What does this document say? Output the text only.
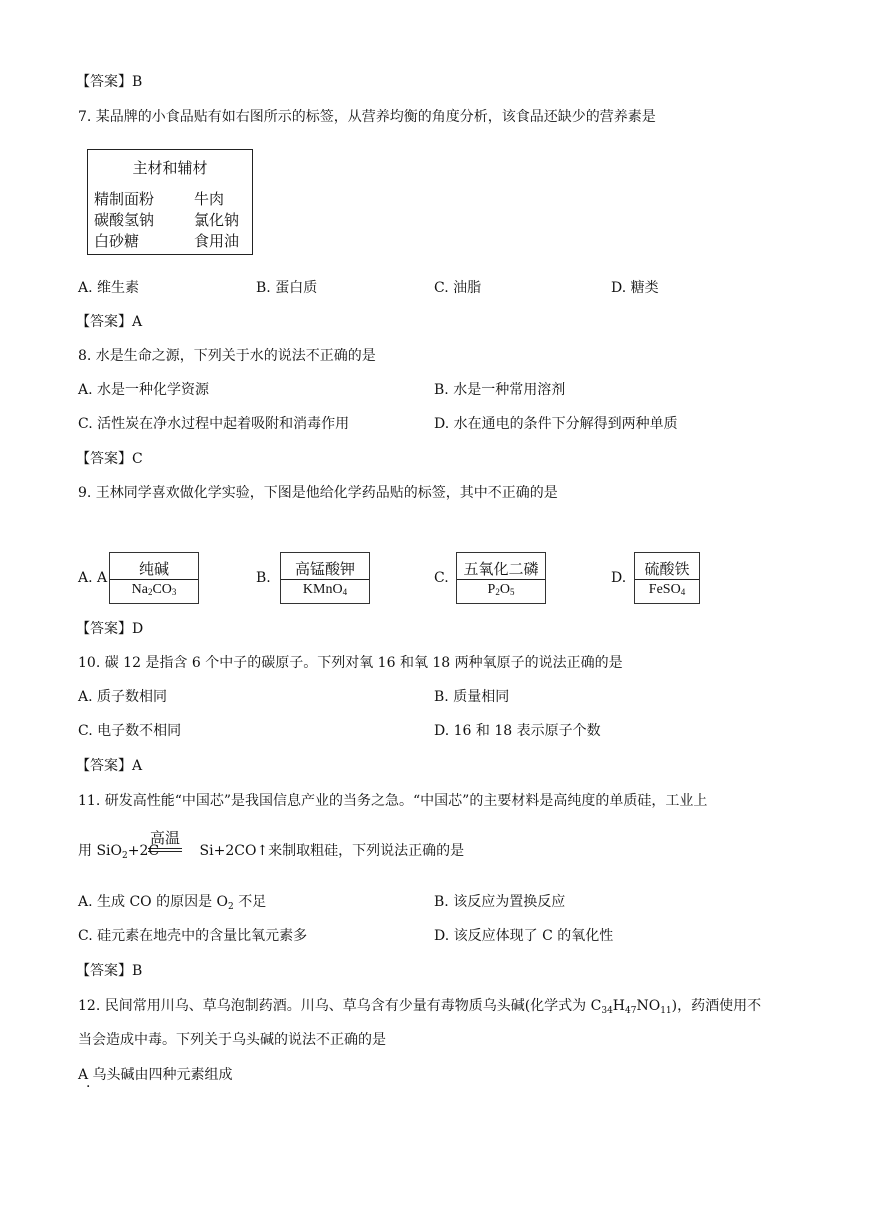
【答案】B
7. 某品牌的小食品贴有如右图所示的标签，从营养均衡的角度分析，该食品还缺少的营养素是
主材和辅材
精制面粉	牛肉
碳酸氢钠	氯化钠
白砂糖	食用油
A. 维生素	B. 蛋白质	C. 油脂	D. 糖类
【答案】A
8. 水是生命之源，下列关于水的说法不正确的是
A. 水是一种化学资源	B. 水是一种常用溶剂
C. 活性炭在净水过程中起着吸附和消毒作用	D. 水在通电的条件下分解得到两种单质
【答案】C
9. 王林同学喜欢做化学实验，下图是他给化学药品贴的标签，其中不正确的是
A. A	纯碱
$Na_2CO_3$
B.	高锰酸钾
KMnO$_4$
C. 五氧化二磷
$P_2O_5$
D.	硫酸铁
FeSO$_4$
【答案】D
10. 碳 12 是指含 6 个中子的碳原子。下列对氧 16 和氧 18 两种氧原子的说法正确的是
A. 质子数相同	B. 质量相同
C. 电子数不相同	D. 16 和 18 表示原子个数
【答案】A
11. 研发高性能“中国芯”是我国信息产业的当务之急。“中国芯”的主要材料是高纯度的单质硅，工业上
高温
用 SiO$_2$+2C	Si+2CO↑来制取粗硅，下列说法正确的是
A. 生成 CO 的原因是 $O_2$ 不足	B. 该反应为置换反应
C. 硅元素在地壳中的含量比氧元素多	D. 该反应体现了 C 的氧化性
【答案】B
12. 民间常用川乌、草乌泡制药酒。川乌、草乌含有少量有毒物质乌头碱(化学式为 $C_{34}H_{47}NO_{11}$)，药酒使用不
当会造成中毒。下列关于乌头碱的说法不正确的是
A 乌头碱由四种元素组成
·
